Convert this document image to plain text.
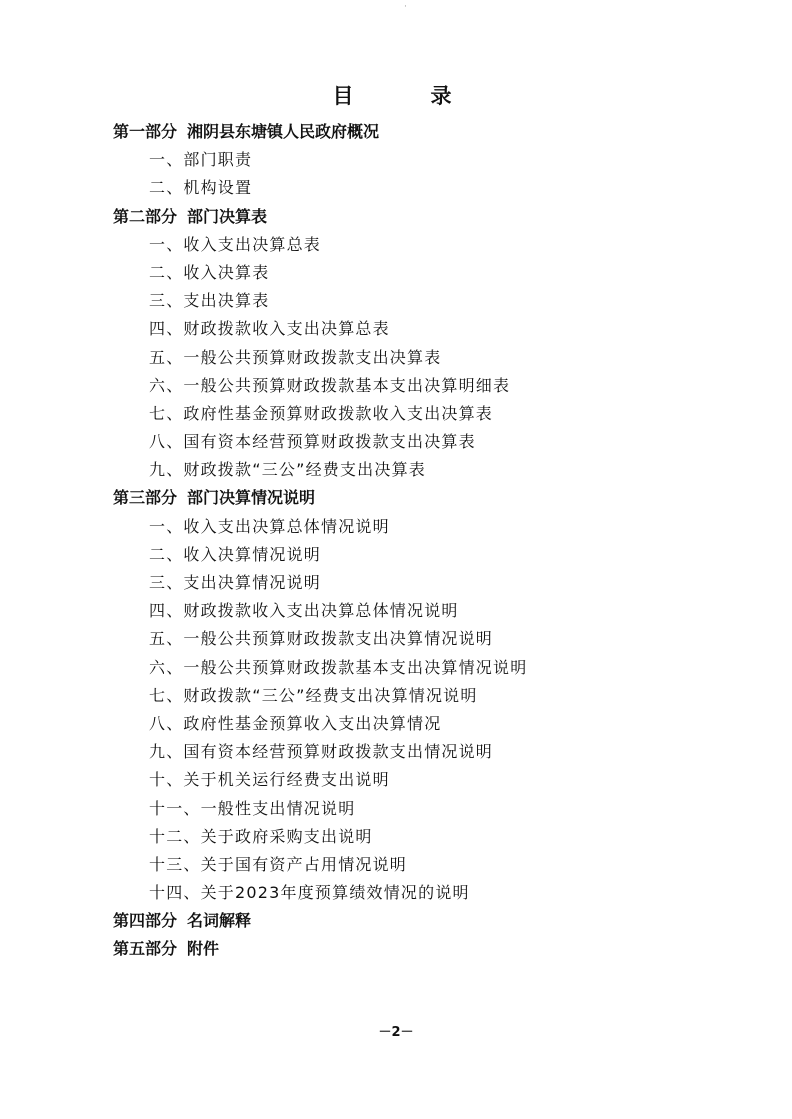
·
目　录
第一部分 湘阴县东塘镇人民政府概况
一、部门职责
二、机构设置
第二部分 部门决算表
一、收入支出决算总表
二、收入决算表
三、支出决算表
四、财政拨款收入支出决算总表
五、一般公共预算财政拨款支出决算表
六、一般公共预算财政拨款基本支出决算明细表
七、政府性基金预算财政拨款收入支出决算表
八、国有资本经营预算财政拨款支出决算表
九、财政拨款“三公”经费支出决算表
第三部分 部门决算情况说明
一、收入支出决算总体情况说明
二、收入决算情况说明
三、支出决算情况说明
四、财政拨款收入支出决算总体情况说明
五、一般公共预算财政拨款支出决算情况说明
六、一般公共预算财政拨款基本支出决算情况说明
七、财政拨款“三公”经费支出决算情况说明
八、政府性基金预算收入支出决算情况
九、国有资本经营预算财政拨款支出情况说明
十、关于机关运行经费支出说明
十一、一般性支出情况说明
十二、关于政府采购支出说明
十三、关于国有资产占用情况说明
十四、关于2023年度预算绩效情况的说明
第四部分 名词解释
第五部分 附件
－2－
